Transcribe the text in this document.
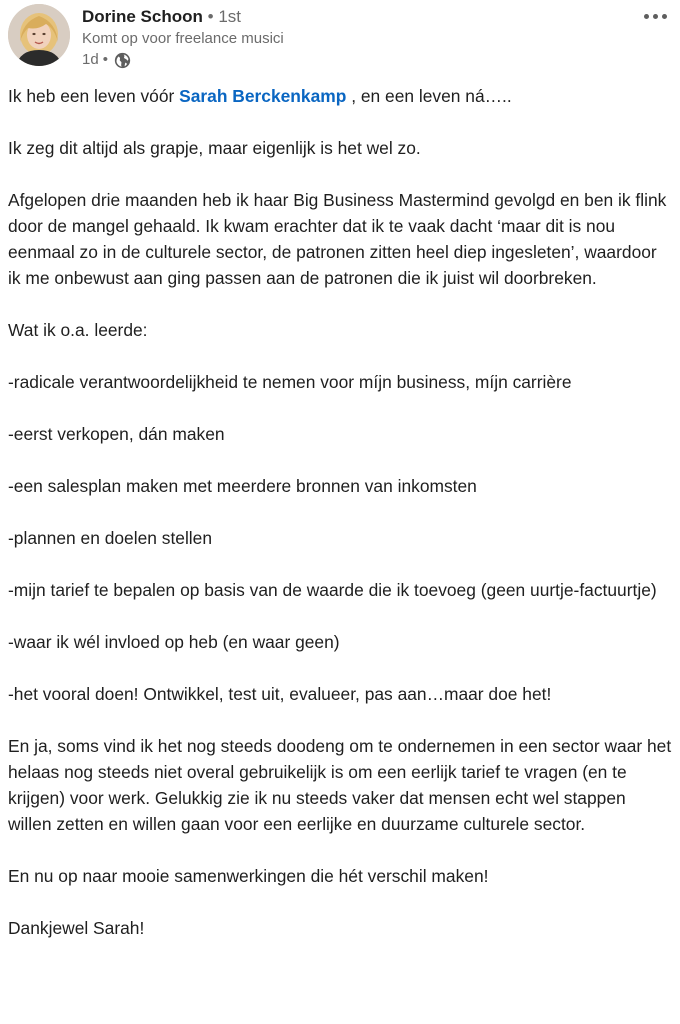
Dorine Schoon • 1st
Komt op voor freelance musici
1d •

Ik heb een leven vóór Sarah Berckenkamp , en een leven ná…..

Ik zeg dit altijd als grapje, maar eigenlijk is het wel zo.

Afgelopen drie maanden heb ik haar Big Business Mastermind gevolgd en ben ik flink door de mangel gehaald. Ik kwam erachter dat ik te vaak dacht ‘maar dit is nou eenmaal zo in de culturele sector, de patronen zitten heel diep ingesleten’, waardoor ik me onbewust aan ging passen aan de patronen die ik juist wil doorbreken.

Wat ik o.a. leerde:

-radicale verantwoordelijkheid te nemen voor míjn business, míjn carrière

-eerst verkopen, dán maken

-een salesplan maken met meerdere bronnen van inkomsten

-plannen en doelen stellen

-mijn tarief te bepalen op basis van de waarde die ik toevoeg (geen uurtje-factuurtje)

-waar ik wél invloed op heb (en waar geen)

-het vooral doen! Ontwikkel, test uit, evalueer, pas aan…maar doe het!

En ja, soms vind ik het nog steeds doodeng om te ondernemen in een sector waar het helaas nog steeds niet overal gebruikelijk is om een eerlijk tarief te vragen (en te krijgen) voor werk. Gelukkig zie ik nu steeds vaker dat mensen echt wel stappen willen zetten en willen gaan voor een eerlijke en duurzame culturele sector.

En nu op naar mooie samenwerkingen die hét verschil maken!

Dankjewel Sarah!
